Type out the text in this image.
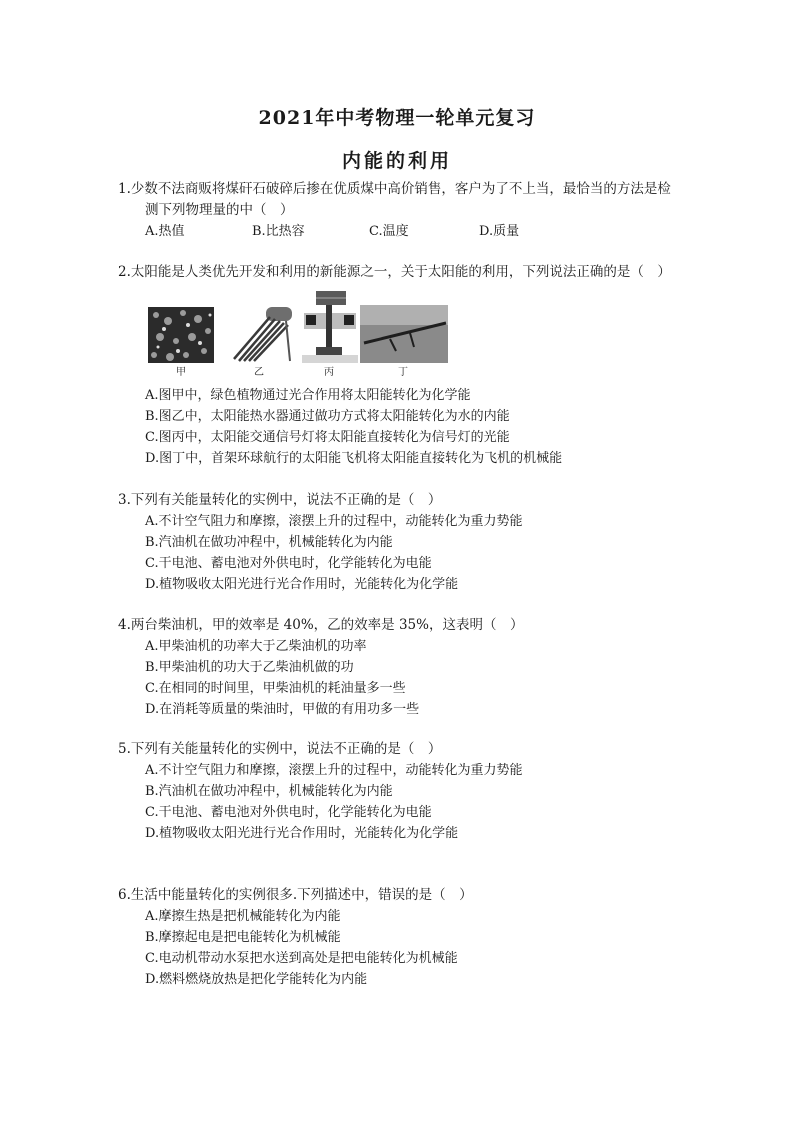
2021年中考物理一轮单元复习
内能的利用
1.少数不法商贩将煤矸石破碎后掺在优质煤中高价销售，客户为了不上当，最恰当的方法是检
测下列物理量的中（　）
A.热值	B.比热容	C.温度	D.质量
2.太阳能是人类优先开发和利用的新能源之一，关于太阳能的利用，下列说法正确的是（　）
甲	乙	丙	丁
A.图甲中，绿色植物通过光合作用将太阳能转化为化学能
B.图乙中，太阳能热水器通过做功方式将太阳能转化为水的内能
C.图丙中，太阳能交通信号灯将太阳能直接转化为信号灯的光能
D.图丁中，首架环球航行的太阳能飞机将太阳能直接转化为飞机的机械能
3.下列有关能量转化的实例中，说法不正确的是（　）
A.不计空气阻力和摩擦，滚摆上升的过程中，动能转化为重力势能
B.汽油机在做功冲程中，机械能转化为内能
C.干电池、蓄电池对外供电时，化学能转化为电能
D.植物吸收太阳光进行光合作用时，光能转化为化学能
4.两台柴油机，甲的效率是 40%，乙的效率是 35%，这表明（　）
A.甲柴油机的功率大于乙柴油机的功率
B.甲柴油机的功大于乙柴油机做的功
C.在相同的时间里，甲柴油机的耗油量多一些
D.在消耗等质量的柴油时，甲做的有用功多一些
5.下列有关能量转化的实例中，说法不正确的是（　）
A.不计空气阻力和摩擦，滚摆上升的过程中，动能转化为重力势能
B.汽油机在做功冲程中，机械能转化为内能
C.干电池、蓄电池对外供电时，化学能转化为电能
D.植物吸收太阳光进行光合作用时，光能转化为化学能
6.生活中能量转化的实例很多.下列描述中，错误的是（　）
A.摩擦生热是把机械能转化为内能
B.摩擦起电是把电能转化为机械能
C.电动机带动水泵把水送到高处是把电能转化为机械能
D.燃料燃烧放热是把化学能转化为内能
